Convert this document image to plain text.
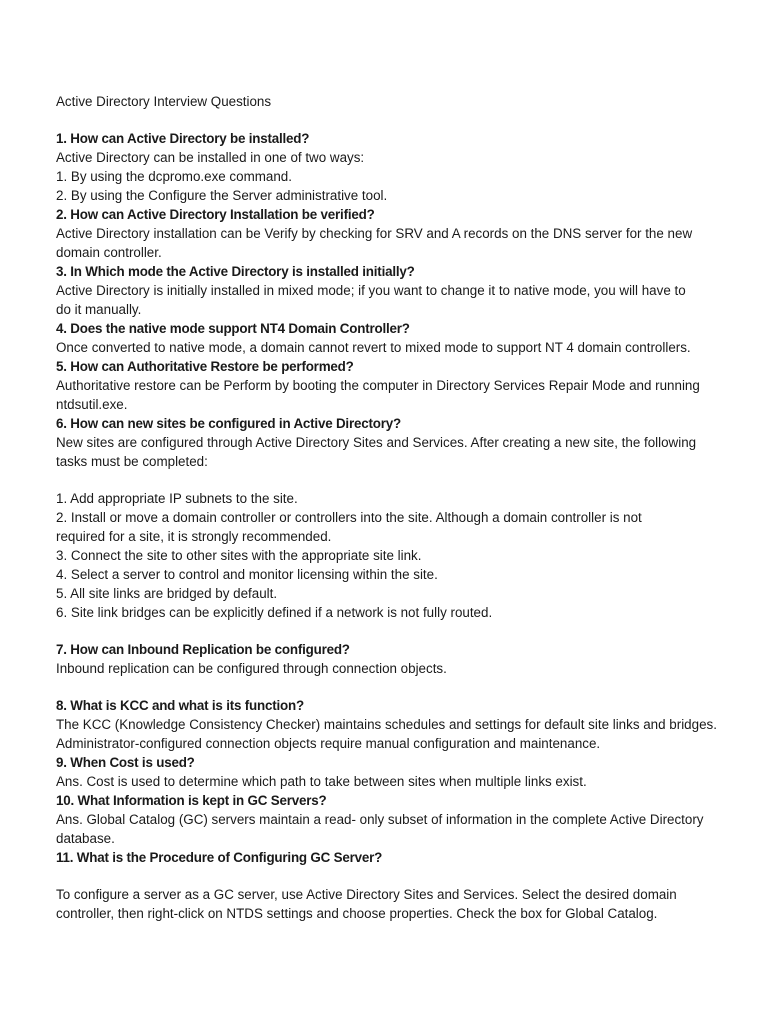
Active Directory Interview Questions
1. How can Active Directory be installed?
Active Directory can be installed in one of two ways:
1. By using the dcpromo.exe command.
2. By using the Configure the Server administrative tool.
2. How can Active Directory Installation be verified?
Active Directory installation can be Verify by checking for SRV and A records on the DNS server for the new
domain controller.
3. In Which mode the Active Directory is installed initially?
Active Directory is initially installed in mixed mode; if you want to change it to native mode, you will have to
do it manually.
4. Does the native mode support NT4 Domain Controller?
Once converted to native mode, a domain cannot revert to mixed mode to support NT 4 domain controllers.
5. How can Authoritative Restore be performed?
Authoritative restore can be Perform by booting the computer in Directory Services Repair Mode and running
ntdsutil.exe.
6. How can new sites be configured in Active Directory?
New sites are configured through Active Directory Sites and Services. After creating a new site, the following
tasks must be completed:
1. Add appropriate IP subnets to the site.
2. Install or move a domain controller or controllers into the site. Although a domain controller is not
required for a site, it is strongly recommended.
3. Connect the site to other sites with the appropriate site link.
4. Select a server to control and monitor licensing within the site.
5. All site links are bridged by default.
6. Site link bridges can be explicitly defined if a network is not fully routed.
7. How can Inbound Replication be configured?
Inbound replication can be configured through connection objects.
8. What is KCC and what is its function?
The KCC (Knowledge Consistency Checker) maintains schedules and settings for default site links and bridges.
Administrator-configured connection objects require manual configuration and maintenance.
9. When Cost is used?
Ans. Cost is used to determine which path to take between sites when multiple links exist.
10. What Information is kept in GC Servers?
Ans. Global Catalog (GC) servers maintain a read- only subset of information in the complete Active Directory
database.
11. What is the Procedure of Configuring GC Server?
To configure a server as a GC server, use Active Directory Sites and Services. Select the desired domain
controller, then right-click on NTDS settings and choose properties. Check the box for Global Catalog.
